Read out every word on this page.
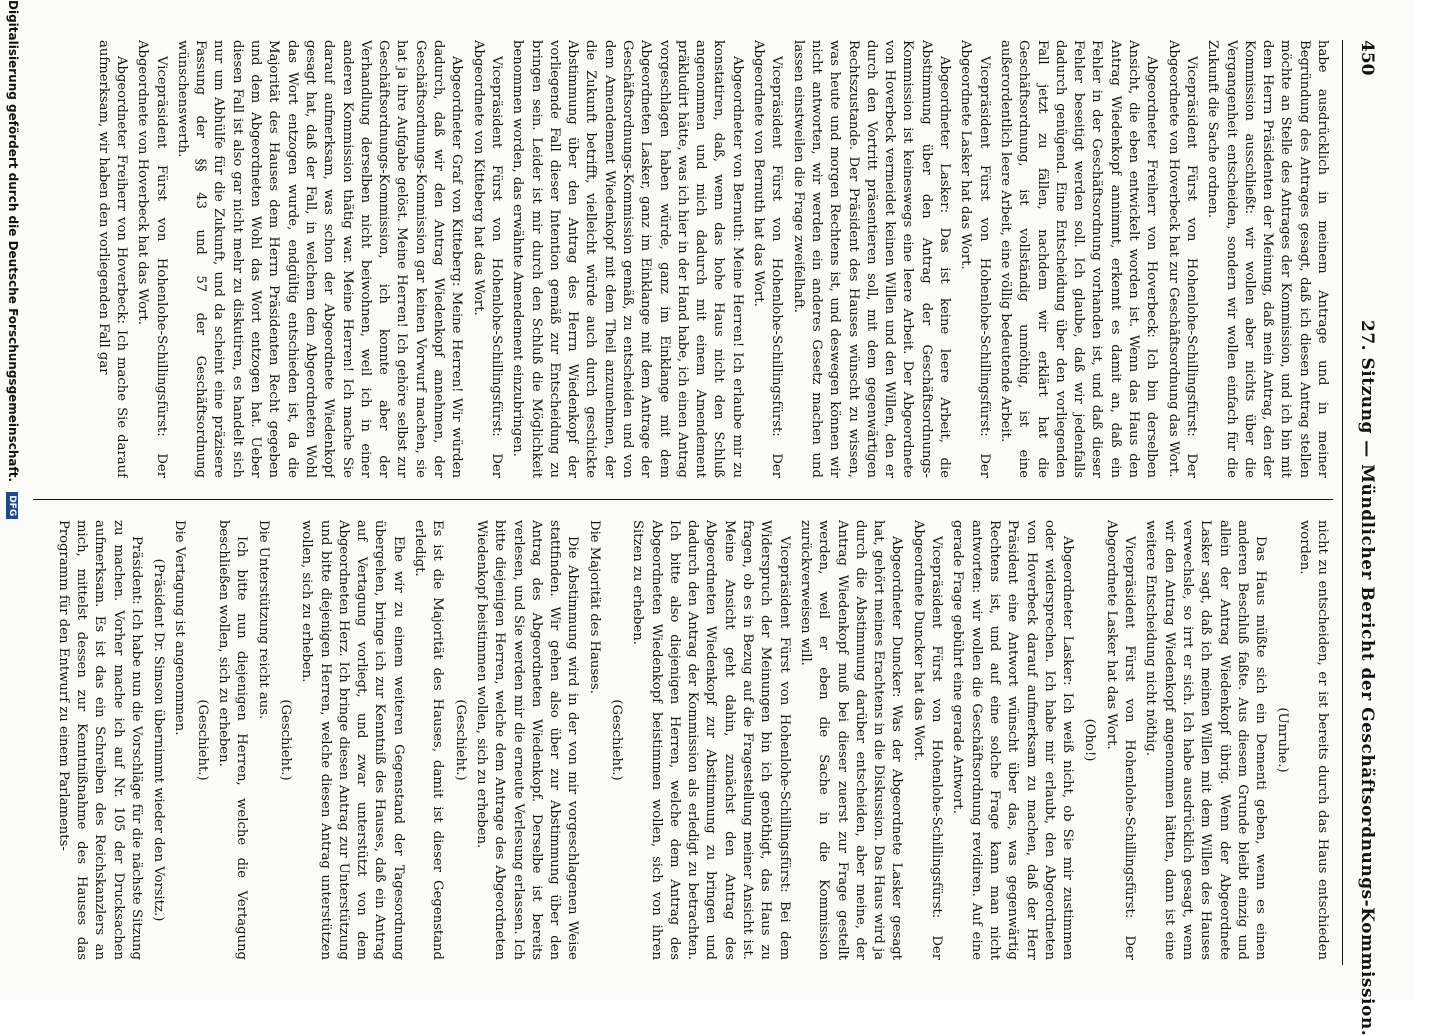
450
27. Sitzung — Mündlicher Bericht der Geschäftsordnungs-Kommission.

habe ausdrücklich in meinem Antrage und in meiner Begründung des Antrages gesagt, daß ich diesen Antrag stellen möchte an Stelle des Antrages der Kommission, und ich bin mit dem Herrn Präsidenten der Meinung, daß mein Antrag, den der Kommission ausschließt: wir wollen aber nichts über die Vergangenheit entscheiden, sondern wir wollen einfach für die Zukunft die Sache ordnen.

Vicepräsident Fürst von Hohenlohe-Schillingsfürst: Der Abgeordnete von Hoverbeck hat zur Geschäftsordnung das Wort.

Abgeordneter Freiherr von Hoverbeck: Ich bin derselben Ansicht, die eben entwickelt worden ist. Wenn das Haus den Antrag Wiedenkopf annimmt, erkennt es damit an, daß ein Fehler in der Geschäftsordnung vorhanden ist, und daß dieser Fehler beseitigt werden soll. Ich glaube, daß wir jedenfalls dadurch genügend. Eine Entscheidung über den vorliegenden Fall jetzt zu fällen, nachdem wir erklärt hat die Geschäftsordnung, ist vollständig unnöthig, ist eine außerordentlich leere Arbeit, eine völlig bedeutende Arbeit.

Vicepräsident Fürst von Hohenlohe-Schillingsfürst: Der Abgeordnete Lasker hat das Wort.

Abgeordneter Lasker: Das ist keine leere Arbeit, die Abstimmung über den Antrag der Geschäftsordnungs-Kommission ist keineswegs eine leere Arbeit. Der Abgeordnete von Hoverbeck vermeidet keinen Willen und den Willen, den er durch den Vortritt präsentieren soll, mit dem gegenwärtigen Rechtszustande. Der Präsident des Hauses wünscht zu wissen, was heute und morgen Rechtens ist, und deswegen können wir nicht antworten, wir werden ein anderes Gesetz machen und lassen einstweilen die Frage zweifelhaft.

Vicepräsident Fürst von Hohenlohe-Schillingsfürst: Der Abgeordnete von Bernuth hat das Wort.

Abgeordneter von Bernuth: Meine Herren! Ich erlaube mir zu konstatiren, daß, wenn das hohe Haus nicht den Schluß angenommen und mich dadurch mit einem Amendement präkludirt hätte, was ich hier in der Hand habe, ich einen Antrag vorgeschlagen haben würde, ganz im Einklange mit dem Abgeordneten Lasker, ganz im Einklange mit dem Antrage der Geschäftsordnungs-Kommission gemäß, zu entscheiden und von dem Amendement Wiedenkopf mit dem Theil anzunehmen, der die Zukunft betrifft, vielleicht würde auch durch geschickte Abstimmung über den Antrag des Herrn Wiedenkopf der vorliegende Fall dieser Intention gemäß zur Entscheidung zu bringen sein. Leider ist mir durch den Schluß die Möglichkeit benommen worden, das erwähnte Amendement einzubringen.

Vicepräsident Fürst von Hohenlohe-Schillingsfürst: Der Abgeordnete von Kitteberg hat das Wort.

Abgeordneter Graf von Kitteberg: Meine Herren! Wir würden dadurch, daß wir den Antrag Wiedenkopf annehmen, der Geschäftsordnungs-Kommission gar keinen Vorwurf machen, sie hat ja ihre Aufgabe gelöst. Meine Herren! Ich gehöre selbst zur Geschäftsordnungs-Kommission, ich konnte aber der Verhandlung derselben nicht beiwohnen, weil ich in einer anderen Kommission thätig war. Meine Herren! Ich mache Sie darauf aufmerksam, was schon der Abgeordnete Wiedenkopf gesagt hat, daß der Fall, in welchem dem Abgeordneten Wohl das Wort entzogen wurde, endgültig entschieden ist, da die Majorität des Hauses dem Herrn Präsidenten Recht gegeben und dem Abgeordneten Wohl das Wort entzogen hat. Ueber diesen Fall ist also gar nicht mehr zu diskutiren, es handelt sich nur um Abhülfe für die Zukunft, und da scheint eine präzisere Fassung der §§ 43 und 57 der Geschäftsordnung wünschenswerth.

Vicepräsident Fürst von Hohenlohe-Schillingsfürst: Der Abgeordnete von Hoverbeck hat das Wort.

Abgeordneter Freiherr von Hoverbeck: Ich mache Sie darauf aufmerksam, wir haben den vorliegenden Fall gar

nicht zu entscheiden, er ist bereits durch das Haus entschieden worden.

(Unruhe.)

Das Haus müßte sich ein Dementi geben, wenn es einen anderen Beschluß faßte. Aus diesem Grunde bleibt einzig und allein der Antrag Wiedenkopf übrig. Wenn der Abgeordnete Lasker sagt, daß ich meinen Willen mit dem Willen des Hauses verwechsle, so irrt er sich. Ich habe ausdrücklich gesagt, wenn wir den Antrag Wiedenkopf angenommen hätten, dann ist eine weitere Entscheidung nicht nöthig.

Vicepräsident Fürst von Hohenlohe-Schillingsfürst: Der Abgeordnete Lasker hat das Wort.

(Oho!)

Abgeordneter Lasker: Ich weiß nicht, ob Sie mir zustimmen oder widersprechen. Ich habe mir erlaubt, den Abgeordneten von Hoverbeck darauf aufmerksam zu machen, daß der Herr Präsident eine Antwort wünscht über das, was gegenwärtig Rechtens ist, und auf eine solche Frage kann man nicht antworten: wir wollen die Geschäftsordnung revidiren. Auf eine gerade Frage gebührt eine gerade Antwort.

Vicepräsident Fürst von Hohenlohe-Schillingsfürst: Der Abgeordnete Duncker hat das Wort.

Abgeordneter Duncker: Was der Abgeordnete Lasker gesagt hat, gehört meines Erachtens in die Diskussion. Das Haus wird ja durch die Abstimmung darüber entscheiden, aber meine, der Antrag Wiedenkopf muß bei dieser zuerst zur Frage gestellt werden, weil er eben die Sache in die Kommission zurückverweisen will.

Vicepräsident Fürst von Hohenlohe-Schillingsfürst: Bei dem Widerspruch der Meinungen bin ich genöthigt, das Haus zu fragen, ob es in Bezug auf die Fragestellung meiner Ansicht ist. Meine Ansicht geht dahin, zunächst den Antrag des Abgeordneten Wiedenkopf zur Abstimmung zu bringen und dadurch den Antrag der Kommission als erledigt zu betrachten. Ich bitte also diejenigen Herren, welche dem Antrag des Abgeordneten Wiedenkopf beistimmen wollen, sich von ihren Sitzen zu erheben.

(Geschieht.)

Die Majorität des Hauses.

Die Abstimmung wird in der von mir vorgeschlagenen Weise stattfinden. Wir gehen also über zur Abstimmung über den Antrag des Abgeordneten Wiedenkopf. Derselbe ist bereits verlesen, und Sie werden mir die erneute Verlesung erlassen. Ich bitte diejenigen Herren, welche dem Antrage des Abgeordneten Wiedenkopf beistimmen wollen, sich zu erheben.

(Geschieht.)

Es ist die Majorität des Hauses, damit ist dieser Gegenstand erledigt.

Ehe wir zu einem weiteren Gegenstand der Tagesordnung übergehen, bringe ich zur Kenntniß des Hauses, daß ein Antrag auf Vertagung vorliegt, und zwar unterstützt von dem Abgeordneten Herz. Ich bringe diesen Antrag zur Unterstützung und bitte diejenigen Herren, welche diesen Antrag unterstützen wollen, sich zu erheben.

(Geschieht.)

Die Unterstützung reicht aus.

Ich bitte nun diejenigen Herren, welche die Vertagung beschließen wollen, sich zu erheben.

(Geschieht.)

Die Vertagung ist angenommen.

(Präsident Dr. Simson übernimmt wieder den Vorsitz.)

Präsident: Ich habe nun die Vorschläge für die nächste Sitzung zu machen. Vorher mache ich auf Nr. 105 der Drucksachen aufmerksam. Es ist das ein Schreiben des Reichskanzlers an mich, mittelst dessen zur Kenntnißnahme des Hauses das Programm für den Entwurf zu einem Parlaments-

Digitalisierung gefördert durch die Deutsche Forschungsgemeinschaft. DFG
